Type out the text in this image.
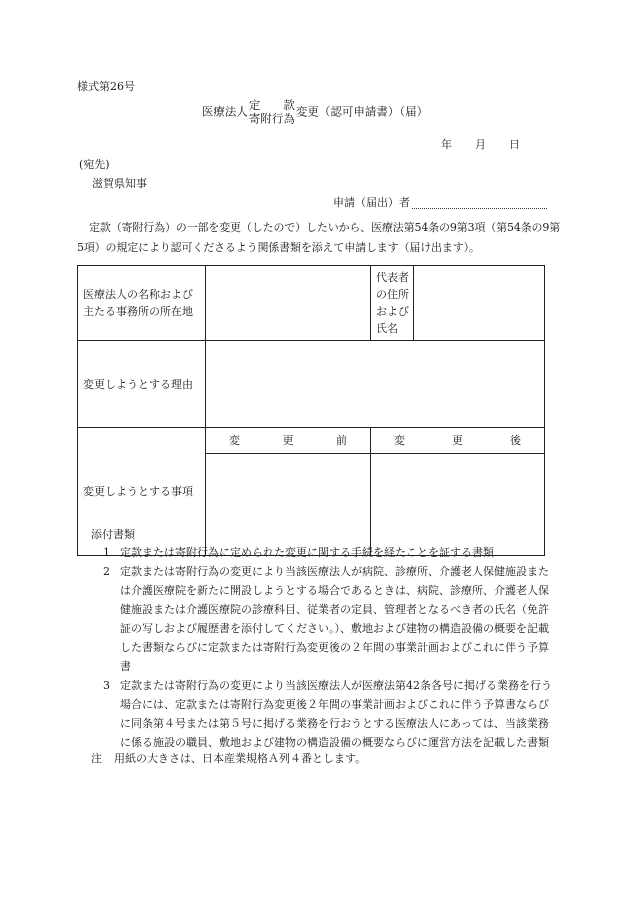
様式第26号
医療法人 定 款
寄附行為変更（認可申請書）（届）
年 月 日
(宛先)
滋賀県知事
申請（届出）者
定款（寄附行為）の一部を変更（したので）したいから、医療法第54条の9第3項（第54条の9第5項）の規定により認可くださるよう関係書類を添えて申請します（届け出ます）。
医療法人の名称および主たる事務所の所在地		代表者の住所および氏名	
変更しようとする理由			
変更しようとする事項	変 更 前	変 更 後	

添付書類
1 定款または寄附行為に定められた変更に関する手続を経たことを証する書類
2 定款または寄附行為の変更により当該医療法人が病院、診療所、介護老人保健施設または介護医療院を新たに開設しようとする場合であるときは、病院、診療所、介護老人保健施設または介護医療院の診療科目、従業者の定員、管理者となるべき者の氏名（免許証の写しおよび履歴書を添付してください。）、敷地および建物の構造設備の概要を記載した書類ならびに定款または寄附行為変更後の２年間の事業計画およびこれに伴う予算書
3 定款または寄附行為の変更により当該医療法人が医療法第42条各号に掲げる業務を行う場合には、定款または寄附行為変更後２年間の事業計画およびこれに伴う予算書ならびに同条第４号または第５号に掲げる業務を行おうとする医療法人にあっては、当該業務に係る施設の職員、敷地および建物の構造設備の概要ならびに運営方法を記載した書類
注 用紙の大きさは、日本産業規格Ａ列４番とします。
